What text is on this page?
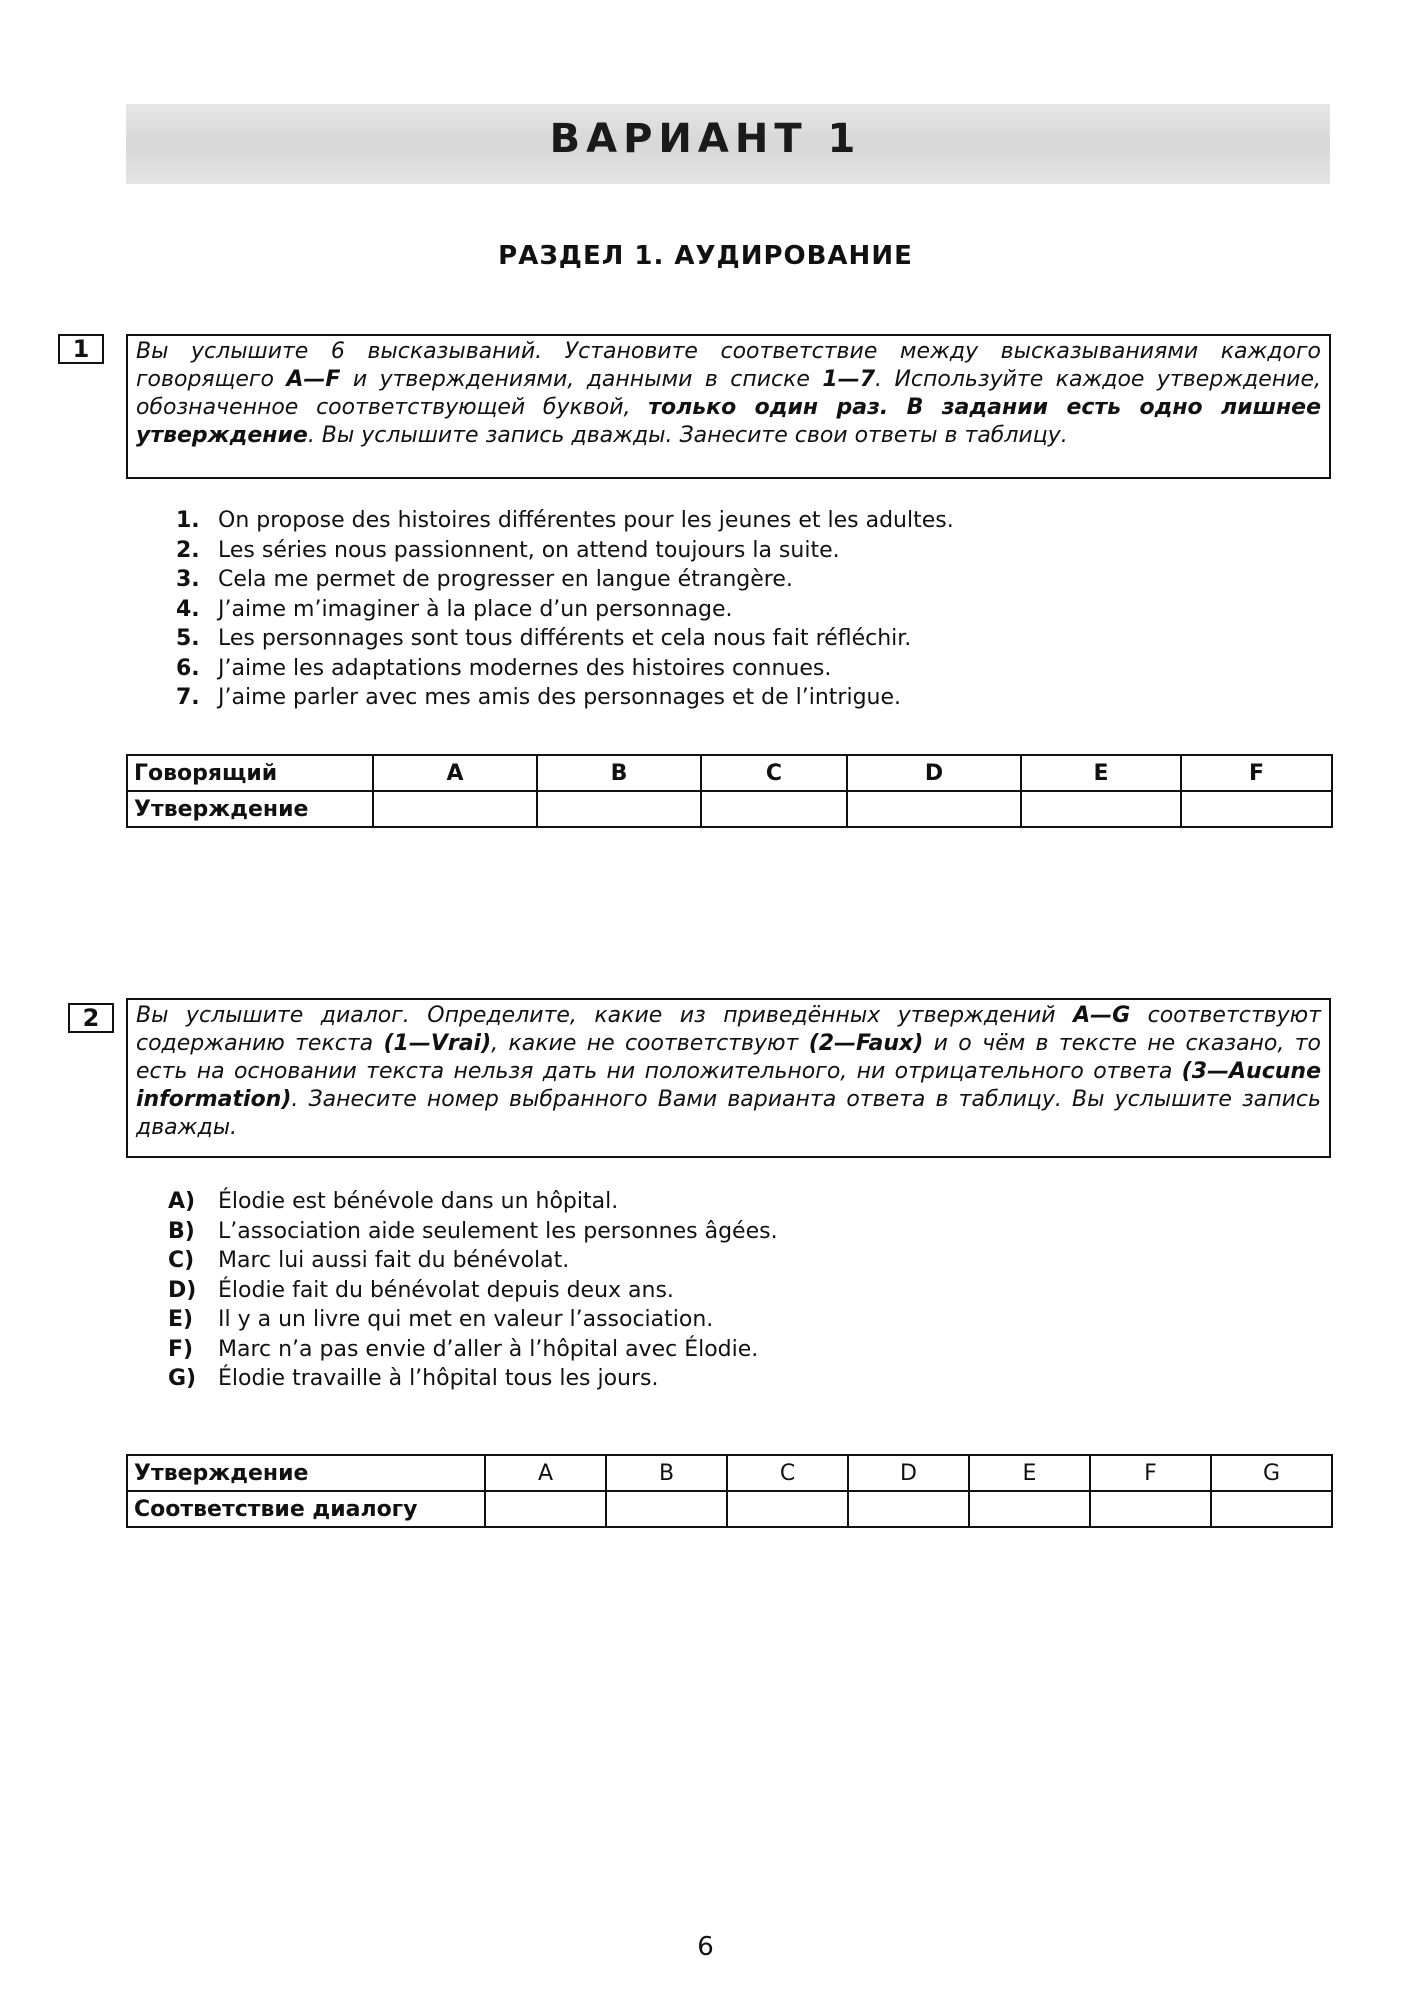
ВАРИАНТ 1
РАЗДЕЛ 1. АУДИРОВАНИЕ
1	Вы услышите 6 высказываний. Установите соответствие между высказываниями каждого говорящего A—F и утверждениями, данными в списке 1—7. Используйте каждое утверждение, обозначенное соответствующей буквой, только один раз. В задании есть одно лишнее утверждение. Вы услышите запись дважды. Занесите свои ответы в таблицу.
1. On propose des histoires différentes pour les jeunes et les adultes.
2. Les séries nous passionnent, on attend toujours la suite.
3. Cela me permet de progresser en langue étrangère.
4. J’aime m’imaginer à la place d’un personnage.
5. Les personnages sont tous différents et cela nous fait réfléchir.
6. J’aime les adaptations modernes des histoires connues.
7. J’aime parler avec mes amis des personnages et de l’intrigue.
Говорящий	A	B	C	D	E	F
Утверждение						
2	Вы услышите диалог. Определите, какие из приведённых утверждений A—G соответствуют содержанию текста (1—Vrai), какие не соответствуют (2—Faux) и о чём в тексте не сказано, то есть на основании текста нельзя дать ни положительного, ни отрицательного ответа (3—Aucune information). Занесите номер выбранного Вами варианта ответа в таблицу. Вы услышите запись дважды.
A) Élodie est bénévole dans un hôpital.
B) L’association aide seulement les personnes âgées.
C) Marc lui aussi fait du bénévolat.
D) Élodie fait du bénévolat depuis deux ans.
E) Il y a un livre qui met en valeur l’association.
F) Marc n’a pas envie d’aller à l’hôpital avec Élodie.
G) Élodie travaille à l’hôpital tous les jours.
Утверждение	A	B	C	D	E	F	G
Соответствие диалогу							
6
